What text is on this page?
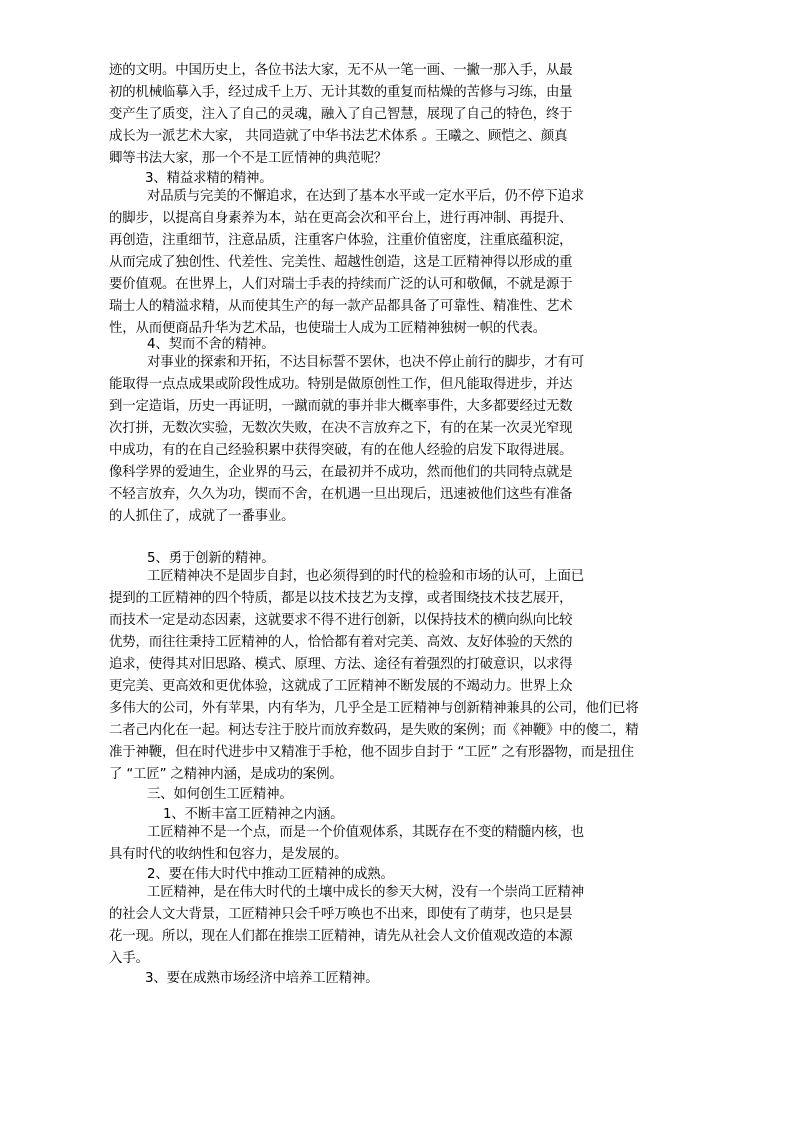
迹的文明。中国历史上，各位书法大家，无不从一笔一画、一撇一那入手，从最
初的机械临摹入手，经过成千上万、无计其数的重复而枯燥的苦修与习练，由量
变产生了质变，注入了自己的灵魂，融入了自己智慧，展现了自己的特色，终于
成长为一派艺术大家， 共同造就了中华书法艺术体系 。王曦之、顾恺之、颜真
卿等书法大家，那一个不是工匠情神的典范呢？
3、精益求精的精神。
对品质与完美的不懈追求，在达到了基本水平或一定水平后，仍不停下追求
的脚步，以提高自身素养为本，站在更高会次和平台上，进行再冲制、再提升、
再创造，注重细节，注意品质，注重客户体验，注重价值密度，注重底蕴积淀，
从而完成了独创性、代差性、完美性、超越性创造，这是工匠精神得以形成的重
要价值观。在世界上，人们对瑞士手表的持续而广泛的认可和敬佩，不就是源于
瑞士人的精溢求精，从而使其生产的每一款产品都具备了可靠性、精准性、艺术
性，从而便商品升华为艺术品，也使瑞士人成为工匠精神独树一帜的代表。
4、契而不舍的精神。
对事业的探索和开拓，不达目标誓不罢休，也决不停止前行的脚步，才有可
能取得一点点成果或阶段性成功。特别是做原创性工作，但凡能取得进步，并达
到一定造诣，历史一再证明，一蹴而就的事并非大概率事件，大多都要经过无数
次打拼，无数次实验，无数次失败，在决不言放弃之下，有的在某一次灵光窄现
中成功，有的在自己经验积累中获得突破，有的在他人经验的启发下取得进展。
像科学界的爱迪生，企业界的马云，在最初并不成功，然而他们的共同特点就是
不轻言放弃，久久为功，锲而不舍，在机遇一旦出现后，迅速被他们这些有准备
的人抓住了，成就了一番事业。
5、勇于创新的精神。
工匠精神决不是固步自封，也必须得到的时代的检验和市场的认可，上面已
提到的工匠精神的四个特质，都是以技术技艺为支撑，或者围绕技术技艺展开，
而技术一定是动态因素，这就要求不得不进行创新，以保持技术的横向纵向比较
优势，而往往秉持工匠精神的人，恰恰都有着对完美、高效、友好体验的天然的
追求，使得其对旧思路、模式、原理、方法、途径有着强烈的打破意识，以求得
更完美、更高效和更优体验，这就成了工匠精神不断发展的不竭动力。世界上众
多伟大的公司，外有苹果，内有华为，几乎全是工匠精神与创新精神兼具的公司，他们已将
二者己内化在一起。柯达专注于胶片而放弃数码，是失败的案例；而《神鞭》中的傻二，精
准于神鞭，但在时代进步中又精准于手枪，他不固步自封于 “工匠” 之有形器物，而是扭住
了 “工匠” 之精神内涵，是成功的案例。
三、如何创生工匠精神。
1、不断丰富工匠精神之内涵。
工匠精神不是一个点，而是一个价值观体系，其既存在不变的精髓内核，也
具有时代的收纳性和包容力，是发展的。
2、要在伟大时代中推动工匠精神的成熟。
工匠精神，是在伟大时代的土壤中成长的参天大树，没有一个崇尚工匠精神
的社会人文大背景，工匠精神只会千呼万唤也不出来，即使有了萌芽，也只是昙
花一现。所以，现在人们都在推崇工匠精神，请先从社会人文价值观改造的本源
入手。
3、要在成熟市场经济中培养工匠精神。
